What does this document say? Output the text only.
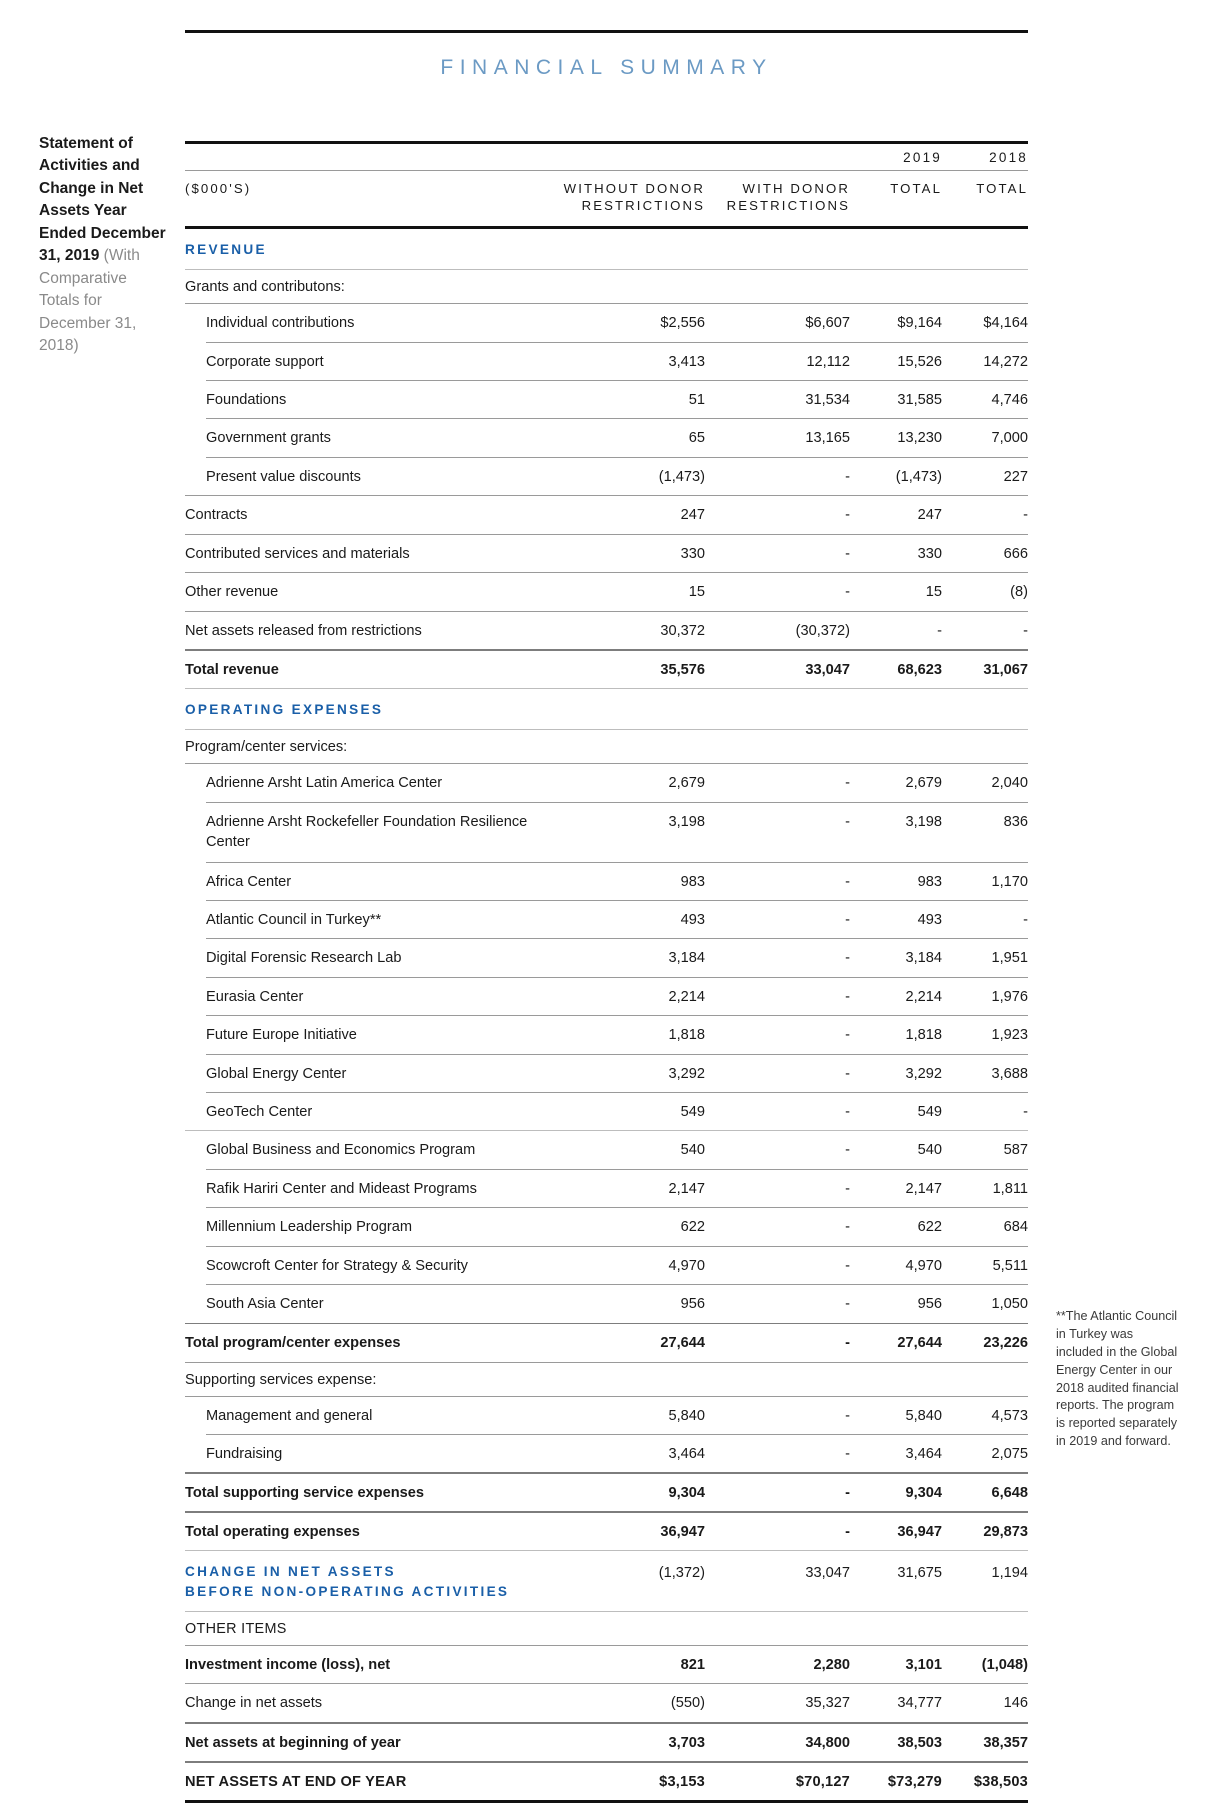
FINANCIAL SUMMARY
Statement of Activities and Change in Net Assets Year Ended December 31, 2019 (With Comparative Totals for December 31, 2018)
**The Atlantic Council in Turkey was included in the Global Energy Center in our 2018 audited financial reports. The program is reported separately in 2019 and forward.

			2019	2018

($000'S)	WITHOUT DONOR RESTRICTIONS	WITH DONOR RESTRICTIONS	TOTAL	TOTAL

REVENUE				

Grants and contributons:				

Individual contributions	$2,556	$6,607	$9,164	$4,164

Corporate support	3,413	12,112	15,526	14,272

Foundations	51	31,534	31,585	4,746

Government grants	65	13,165	13,230	7,000

Present value discounts	(1,473)	-	(1,473)	227

Contracts	247	-	247	-

Contributed services and materials	330	-	330	666

Other revenue	15	-	15	(8)

Net assets released from restrictions	30,372	(30,372)	-	-

Total revenue	35,576	33,047	68,623	31,067

OPERATING EXPENSES				

Program/center services:				

Adrienne Arsht Latin America Center	2,679	-	2,679	2,040

Adrienne Arsht Rockefeller Foundation Resilience Center	3,198	-	3,198	836

Africa Center	983	-	983	1,170

Atlantic Council in Turkey**	493	-	493	-

Digital Forensic Research Lab	3,184	-	3,184	1,951

Eurasia Center	2,214	-	2,214	1,976

Future Europe Initiative	1,818	-	1,818	1,923

Global Energy Center	3,292	-	3,292	3,688

GeoTech Center	549	-	549	-

Global Business and Economics Program	540	-	540	587

Rafik Hariri Center and Mideast Programs	2,147	-	2,147	1,811

Millennium Leadership Program	622	-	622	684

Scowcroft Center for Strategy & Security	4,970	-	4,970	5,511

South Asia Center	956	-	956	1,050

Total program/center expenses	27,644	-	27,644	23,226

Supporting services expense:				

Management and general	5,840	-	5,840	4,573

Fundraising	3,464	-	3,464	2,075

Total supporting service expenses	9,304	-	9,304	6,648

Total operating expenses	36,947	-	36,947	29,873

CHANGE IN NET ASSETS
BEFORE NON-OPERATING ACTIVITIES	(1,372)	33,047	31,675	1,194

OTHER ITEMS				

Investment income (loss), net	821	2,280	3,101	(1,048)

Change in net assets	(550)	35,327	34,777	146

Net assets at beginning of year	3,703	34,800	38,503	38,357

NET ASSETS AT END OF YEAR	$3,153	$70,127	$73,279	$38,503
